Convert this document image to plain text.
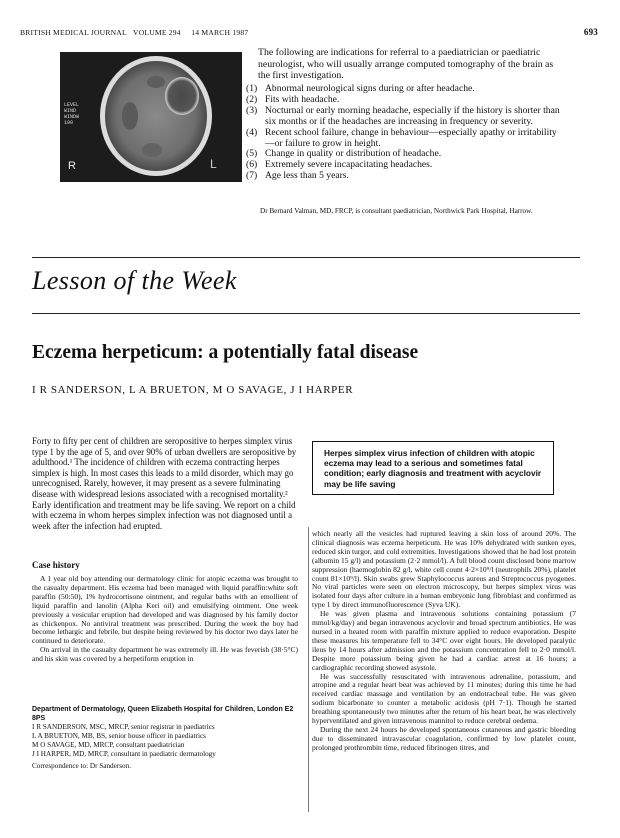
BRITISH MEDICAL JOURNAL VOLUME 294 14 MARCH 1987	693
LEVEL
WIND
WINDW
100
R	L
The following are indications for referral to a paediatrician or paediatric neurologist, who will usually arrange computed tomography of the brain as the first investigation.
(1) Abnormal neurological signs during or after headache.
(2) Fits with headache.
(3) Nocturnal or early morning headache, especially if the history is shorter than six months or if the headaches are increasing in frequency or severity.
(4) Recent school failure, change in behaviour—especially apathy or irritability—or failure to grow in height.
(5) Change in quality or distribution of headache.
(6) Extremely severe incapacitating headaches.
(7) Age less than 5 years.
Dr Bernard Valman, MD, FRCP, is consultant paediatrician, Northwick Park Hospital, Harrow.
Lesson of the Week
Eczema herpeticum: a potentially fatal disease
I R SANDERSON, L A BRUETON, M O SAVAGE, J I HARPER
Forty to fifty per cent of children are seropositive to herpes simplex virus type 1 by the age of 5, and over 90% of urban dwellers are seropositive by adulthood.¹ The incidence of children with eczema contracting herpes simplex is high. In most cases this leads to a mild disorder, which may go unrecognised. Rarely, however, it may present as a severe fulminating disease with widespread lesions associated with a recognised mortality.² Early identification and treatment may be life saving. We report on a child with eczema in whom herpes simplex infection was not diagnosed until a week after the infection had erupted.
Herpes simplex virus infection of children with atopic eczema may lead to a serious and sometimes fatal condition; early diagnosis and treatment with acyclovir may be life saving
Case history

A 1 year old boy attending our dermatology clinic for atopic eczema was brought to the casualty department. His eczema had been managed with liquid paraffin:white soft paraffin (50:50), 1% hydrocortisone ointment, and regular baths with an emollient of liquid paraffin and lanolin (Alpha Keri oil) and emulsifying ointment. One week previously a vesicular eruption had developed and was diagnosed by his family doctor as chickenpox. No antiviral treatment was prescribed. During the week the boy had become lethargic and febrile, but despite being reviewed by his doctor two days later he continued to deteriorate.

On arrival in the casualty department he was extremely ill. He was feverish (38·5°C) and his skin was covered by a herpetiform eruption in

Department of Dermatology, Queen Elizabeth Hospital for Children, London E2 8PS
I R SANDERSON, MSC, MRCP, senior registrar in paediatrics
L A BRUETON, MB, BS, senior house officer in paediatrics
M O SAVAGE, MD, MRCP, consultant paediatrician
J I HARPER, MD, MRCP, consultant in paediatric dermatology
Correspondence to: Dr Sanderson.

which nearly all the vesicles had ruptured leaving a skin loss of around 20%. The clinical diagnosis was eczema herpeticum. He was 10% dehydrated with sunken eyes, reduced skin turgor, and cold extremities. Investigations showed that he had lost protein (albumin 15 g/l) and potassium (2·2 mmol/l). A full blood count disclosed bone marrow suppression (haemoglobin 82 g/l, white cell count 4·2×10⁹/l (neutrophils 20%), platelet count 81×10⁹/l). Skin swabs grew Staphylococcus aureus and Streptococcus pyogenes. No viral particles were seen on electron microscopy, but herpes simplex virus was isolated four days after culture in a human embryonic lung fibroblast and confirmed as type 1 by direct immunofluorescence (Syva UK).

He was given plasma and intravenous solutions containing potassium (7 mmol/kg/day) and began intravenous acyclovir and broad spectrum antibiotics. He was nursed in a heated room with paraffin mixture applied to reduce evaporation. Despite these measures his temperature fell to 34°C over eight hours. He developed paralytic ileus by 14 hours after admission and the potassium concentration fell to 2·0 mmol/l. Despite more potassium being given he had a cardiac arrest at 16 hours; a cardiographic recording showed asystole.

He was successfully resuscitated with intravenous adrenaline, potassium, and atropine and a regular heart beat was achieved by 11 minutes; during this time he had received cardiac massage and ventilation by an endotracheal tube. He was given sodium bicarbonate to counter a metabolic acidosis (pH 7·1). Though he started breathing spontaneously two minutes after the return of his heart beat, he was electively hyperventilated and given intravenous mannitol to reduce cerebral oedema.

During the next 24 hours he developed spontaneous cutaneous and gastric bleeding due to disseminated intravascular coagulation, confirmed by low platelet count, prolonged prothrombin time, reduced fibrinogen titres, and
